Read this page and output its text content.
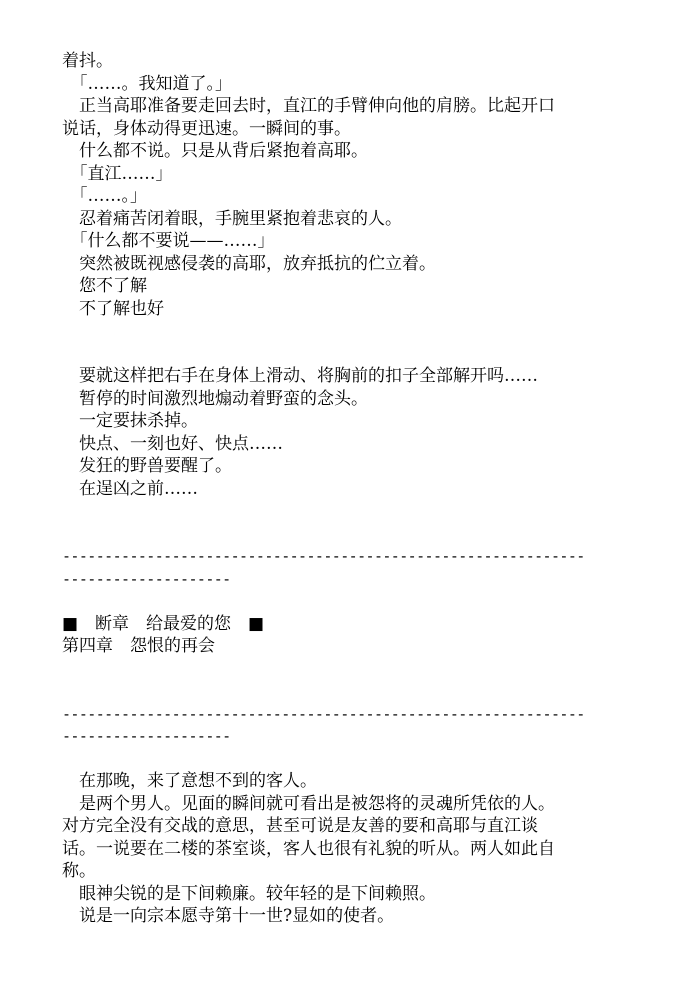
着抖。

　「……。我知道了。」

　正当高耶准备要走回去时，直江的手臂伸向他的肩膀。比起开口

说话，身体动得更迅速。一瞬间的事。

　什么都不说。只是从背后紧抱着高耶。

　「直江……」

　「……。」

　忍着痛苦闭着眼，手腕里紧抱着悲哀的人。

　「什么都不要说——……」

　突然被既视感侵袭的高耶，放弃抵抗的伫立着。

　您不了解

　不了解也好

　要就这样把右手在身体上滑动、将胸前的扣子全部解开吗……

　暂停的时间激烈地煽动着野蛮的念头。

　一定要抹杀掉。

　快点、一刻也好、快点……

　发狂的野兽要醒了。

　在逞凶之前……

--------------------------------------------------------------

--------------------

■　断章　给最爱的您　■

第四章　怨恨的再会

--------------------------------------------------------------

--------------------

　在那晚，来了意想不到的客人。

　是两个男人。见面的瞬间就可看出是被怨将的灵魂所凭依的人。

对方完全没有交战的意思，甚至可说是友善的要和高耶与直江谈

话。一说要在二楼的茶室谈，客人也很有礼貌的听从。两人如此自

称。

　眼神尖锐的是下间赖廉。较年轻的是下间赖照。

　说是一向宗本愿寺第十一世?显如的使者。
